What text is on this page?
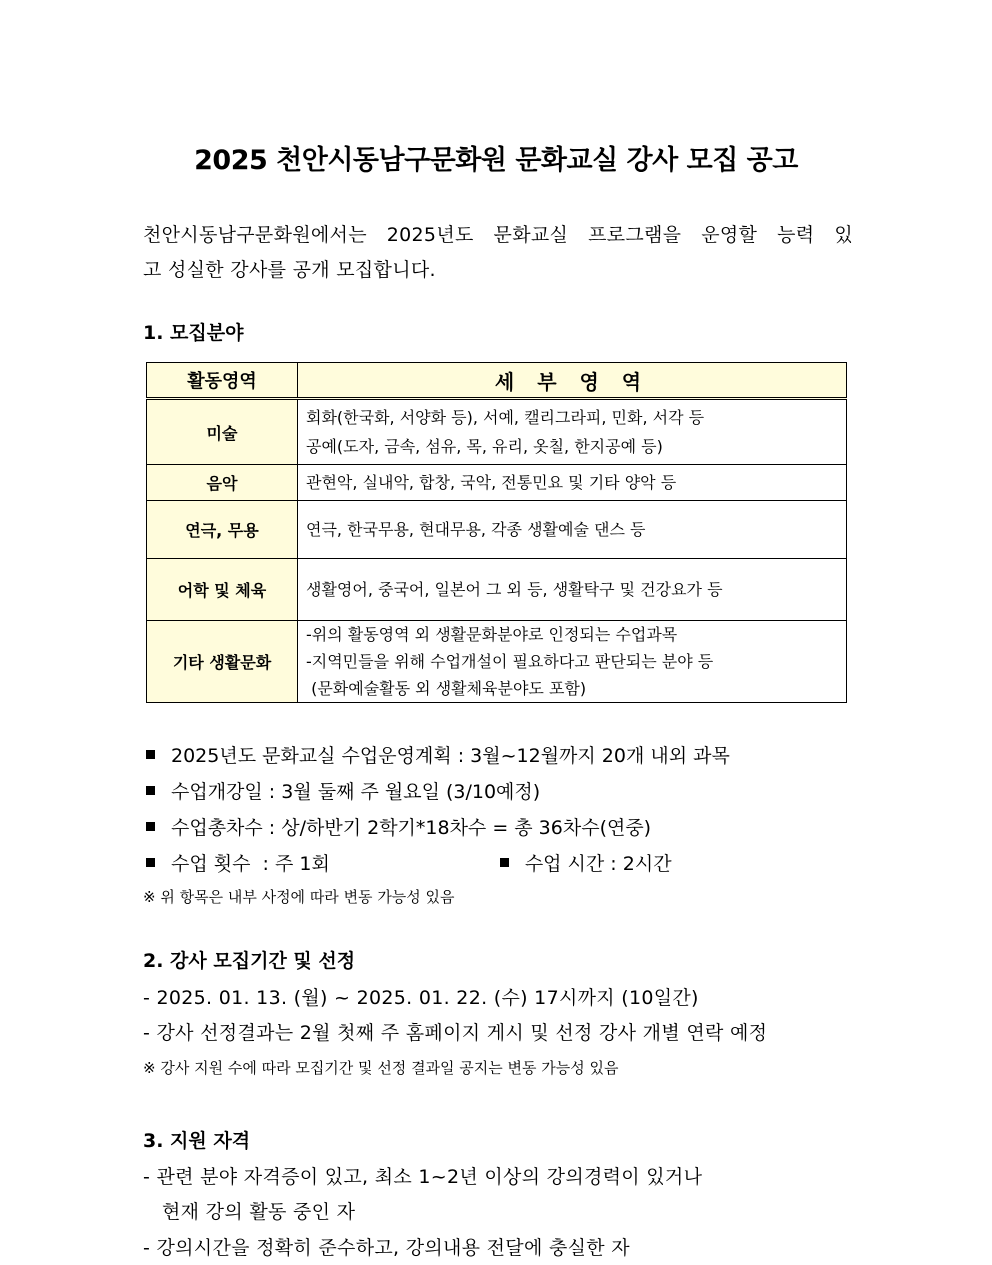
2025 천안시동남구문화원 문화교실 강사 모집 공고
천안시동남구문화원에서는 2025년도 문화교실 프로그램을 운영할 능력 있
고 성실한 강사를 공개 모집합니다.
1. 모집분야
활동영역	세 부 영 역
미술	회화(한국화, 서양화 등), 서예, 캘리그라피, 민화, 서각 등
공예(도자, 금속, 섬유, 목, 유리, 옷칠, 한지공예 등)

음악	관현악, 실내악, 합창, 국악, 전통민요 및 기타 양악 등

연극, 무용	연극, 한국무용, 현대무용, 각종 생활예술 댄스 등

어학 및 체육	생활영어, 중국어, 일본어 그 외 등, 생활탁구 및 건강요가 등

기타 생활문화	-위의 활동영역 외 생활문화분야로 인정되는 수업과목
-지역민들을 위해 수업개설이 필요하다고 판단되는 분야 등
(문화예술활동 외 생활체육분야도 포함)
2025년도 문화교실 수업운영계획 : 3월~12월까지 20개 내외 과목
수업개강일 : 3월 둘째 주 월요일 (3/10예정)
수업총차수 : 상/하반기 2학기*18차수 = 총 36차수(연중)
수업 횟수  : 주 1회	수업 시간 : 2시간
※ 위 항목은 내부 사정에 따라 변동 가능성 있음
2. 강사 모집기간 및 선정
- 2025. 01. 13. (월) ~ 2025. 01. 22. (수) 17시까지 (10일간)
- 강사 선정결과는 2월 첫째 주 홈페이지 게시 및 선정 강사 개별 연락 예정
※ 강사 지원 수에 따라 모집기간 및 선정 결과일 공지는 변동 가능성 있음
3. 지원 자격
- 관련 분야 자격증이 있고, 최소 1~2년 이상의 강의경력이 있거나
현재 강의 활동 중인 자
- 강의시간을 정확히 준수하고, 강의내용 전달에 충실한 자
